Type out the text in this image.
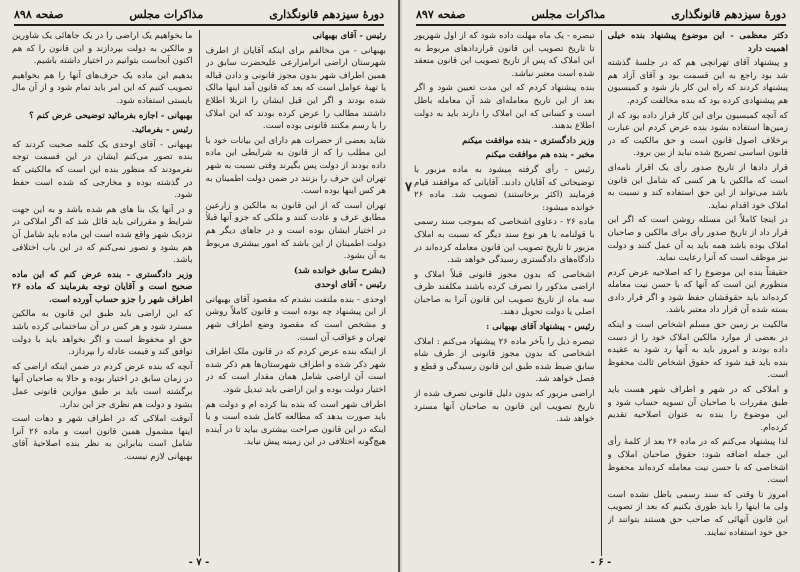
دورهٔ سیزدهم قانونگذاری
مذاکرات مجلس
صفحه ۸۹۸

رئیس - آقای بهبهانی

بهبهانی - من مخالفم برای اینکه آقایان از اطرف شهرستان اراضی انرامزارعی علیحضرت سابق در همین اطراف شهر بدون مجوز قانونی و دادن قباله یا تهیهٔ عوامل است که بعد که قانون آمد اینها مالک شده بودند و اگر این قبل ایشان را انزبلا اطلاع داشتند مطالب را عرض کرده بودند که این املاک را با رسم مکنند قانونی بوده است.

شاید بعضی از حضرات هم دارای این بیانات خود با این مطلب را که از قانون به شرایطی این ماده داده بودند از دولت پس بگیرند وقتی نسبت به شهر تهران این حرف را بزنند در ضمن دولت اطمینان به هر کس اینها بوده است.

تهران است که از این قانون به مالکین و زارعین مطابق عرف و عادت کنند و ملکی که جزو آنها قبلاً در اختیار ایشان بوده است و در جاهای دیگر هم دولت اطمینان از این باشد که امور بیشتری مربوط به آن بشود.

(بشرح سابق خوانده شد)

رئیس - آقای اوحدی

اوحدی - بنده ملتفت نشدم که مقصود آقای بهبهانی از این پیشنهاد چه بوده است و قانون کاملاً روشن و مشخص است که مقصود وضع اطراف شهر تهران و عواقب آن است.

از اینکه بنده عرض کردم که در قانون ملک اطراف شهر ذکر شده و اطراف شهرستان‌ها هم ذکر شده است آن اراضی شامل همان مقدار است که در اختیار دولت بوده و این اراضی باید تبدیل شود.

اطراف شهر است که بنده بنا کرده ام و دولت هم باید صورت بدهد که مطالعه کامل شده است و یا اینکه در این قانون صراحت بیشتری بیاید تا در آینده هیچ‌گونه اختلافی در این زمینه پیش نیاید.

ما بخواهیم یک اراضی را در یک جاهائی یک شاورین و مالکین به دولت بپردازند و این قانون را که هم اکنون آنجاست بتوانیم در اختیار داشته باشیم.

بدهیم این ماده یک حرف‌های آنها را هم بخواهیم تصویب کنیم که این امر باید تمام شود و از آن مال بایستی استفاده شود.

بهبهانی - اجازه بفرمائید توضیحی عرض کنم ؟

رئیس - بفرمائید.

بهبهانی - آقای اوحدی یک کلمه صحبت کردند که بنده تصور می‌کنم ایشان در این قسمت توجه نفرمودند که منظور بنده این است که مالکیتی که در گذشته بوده و مخارجی که شده است حفظ شود.

و در آنها یک بنا های هم شده باشد و به این جهت شرایط و مقرراتی باید قائل شد که اگر املاکی در نزدیک شهر واقع شده است این ماده باید شامل آن هم بشود و تصور نمی‌کنم که در این باب اختلافی باشد.

وزیر دادگستری - بنده عرض کنم که این ماده صحیح است و آقایان توجه بفرمایند که ماده ۲۶ اطراف شهر را جزو حساب آورده است.

که این اراضی باید طبق این قانون به مالکین مسترد شود و هر کس در آن ساختمانی کرده باشد حق او محفوظ است و اگر بخواهد باید با دولت توافق کند و قیمت عادله را بپردازد.

آنچه که بنده عرض کردم در ضمن اینکه اراضی که در زمان سابق در اختیار بوده و حالا به صاحبان آنها برگشته است باید بر طبق موازین قانونی عمل بشود و دولت هم نظری جز این ندارد.

آنوقت املاکی که در اطراف شهر و دهات است اینها مشمول همین قانون است و ماده ۲۶ آنرا شامل است بنابراین به نظر بنده اصلاحیهٔ آقای بهبهانی لازم نیست.

- ۷ -
دورهٔ سیزدهم قانونگذاری
مذاکرات مجلس
صفحه ۸۹۷

دکتر معظمی - این موضوع پیشنهاد بنده خیلی اهمیت دارد

و پیشنهاد آقای تهرانچی هم که در جلسهٔ گذشته شد بود راجع به این قسمت بود و آقای آزاد هم پیشنهاد کردند که راه این کار باز شود و کمیسیون هم پیشنهادی کرده بود که بنده مخالفت کردم.

که آنچه کمیسیون برای این کار قرار داده بود که از زمین‌ها استفاده بشود بنده عرض کردم این عبارت برخلاف اصول قانون است و حق مالکیت که در قانون اساسی تصریح شده نباید از بین برود.

قرار دادها از تاریخ صدور رأی یک اقرار نامه‌ای است که مالکین یا هر کسی که شامل این قانون باشد می‌تواند از این حق استفاده کند و نسبت به املاک خود اقدام نماید.

در اینجا کاملاً این مسئله روشن است که اگر این قرار داد از تاریخ صدور رأی برای مالکین و صاحبان املاک بوده باشد همه باید به آن عمل کنند و دولت نیز موظف است که آنرا رعایت نماید.

حقیقتاً بنده این موضوع را که اصلاحیه عرض کردم منظورم این است که آنها که با حسن نیت معامله کرده‌اند باید حقوقشان حفظ شود و اگر قرار دادی بسته شده آن قرار داد معتبر باشد.

مالکیت بر زمین حق مسلم اشخاص است و اینکه در بعضی از موارد مالکین املاک خود را از دست داده بودند و امروز باید به آنها رد شود به عقیده بنده باید قید شود که حقوق اشخاص ثالث محفوظ است.

و املاکی که در شهر و اطراف شهر هست باید طبق مقررات با صاحبان آن تسویه حساب شود و این موضوع را بنده به عنوان اصلاحیه تقدیم کرده‌ام.

لذا پیشنهاد می‌کنم که در ماده ۲۶ بعد از کلمهٔ رأی این جمله اضافه شود: حقوق صاحبان املاک و اشخاصی که با حسن نیت معامله کرده‌اند محفوظ است.

امروز تا وقتی که سند رسمی باطل نشده است ولی ما اینها را باید طوری بکنیم که بعد از تصویب این قانون آنهائی که صاحب حق هستند بتوانند از حق خود استفاده نمایند.

تبصره - یک ماه مهلت داده شود که از اول شهریور تا تاریخ تصویب این قانون قرارداد‌های مربوط به این املاک که پس از تاریخ تصویب این قانون منعقد شده است معتبر نباشد.

بنده پیشنهاد کردم که این مدت تعیین شود و اگر بعد از این تاریخ معامله‌ای شد آن معامله باطل است و کسانی که این املاک را دارند باید به دولت اطلاع بدهند.

وزیر دادگستری - بنده موافقت میکنم

مخبر - بنده هم موافقت میکنم

رئیس - رأی گرفته میشود به ماده مزبور با توضیحاتی که آقایان دادند. آقایانی که موافقند قیام فرمایند (اکثر برخاستند) تصویب شد. ماده ۲۶ خوانده میشود:

ماده ۲۶ - دعاوی اشخاصی که بموجب سند رسمی با قولنامه یا هر نوع سند دیگر که نسبت به املاک مزبور تا تاریخ تصویب این قانون معامله کرده‌اند در دادگاه‌های دادگستری رسیدگی خواهد شد.

اشخاصی که بدون مجوز قانونی قبلاً املاک و اراضی مذکور را تصرف کرده باشند مکلفند ظرف سه ماه از تاریخ تصویب این قانون آنرا به صاحبان اصلی یا دولت تحویل دهند.

رئیس - پیشنهاد آقای بهبهانی :

تبصره ذیل را بآخر ماده ۲۶ پیشنهاد می‌کنم : املاک اشخاصی که بدون مجوز قانونی از طرف شاه سابق ضبط شده طبق این قانون رسیدگی و قطع و فصل خواهد شد.

اراضی مزبور که بدون دلیل قانونی تصرف شده از تاریخ تصویب این قانون به صاحبان آنها مسترد خواهد شد.

۷
- ۶ -
